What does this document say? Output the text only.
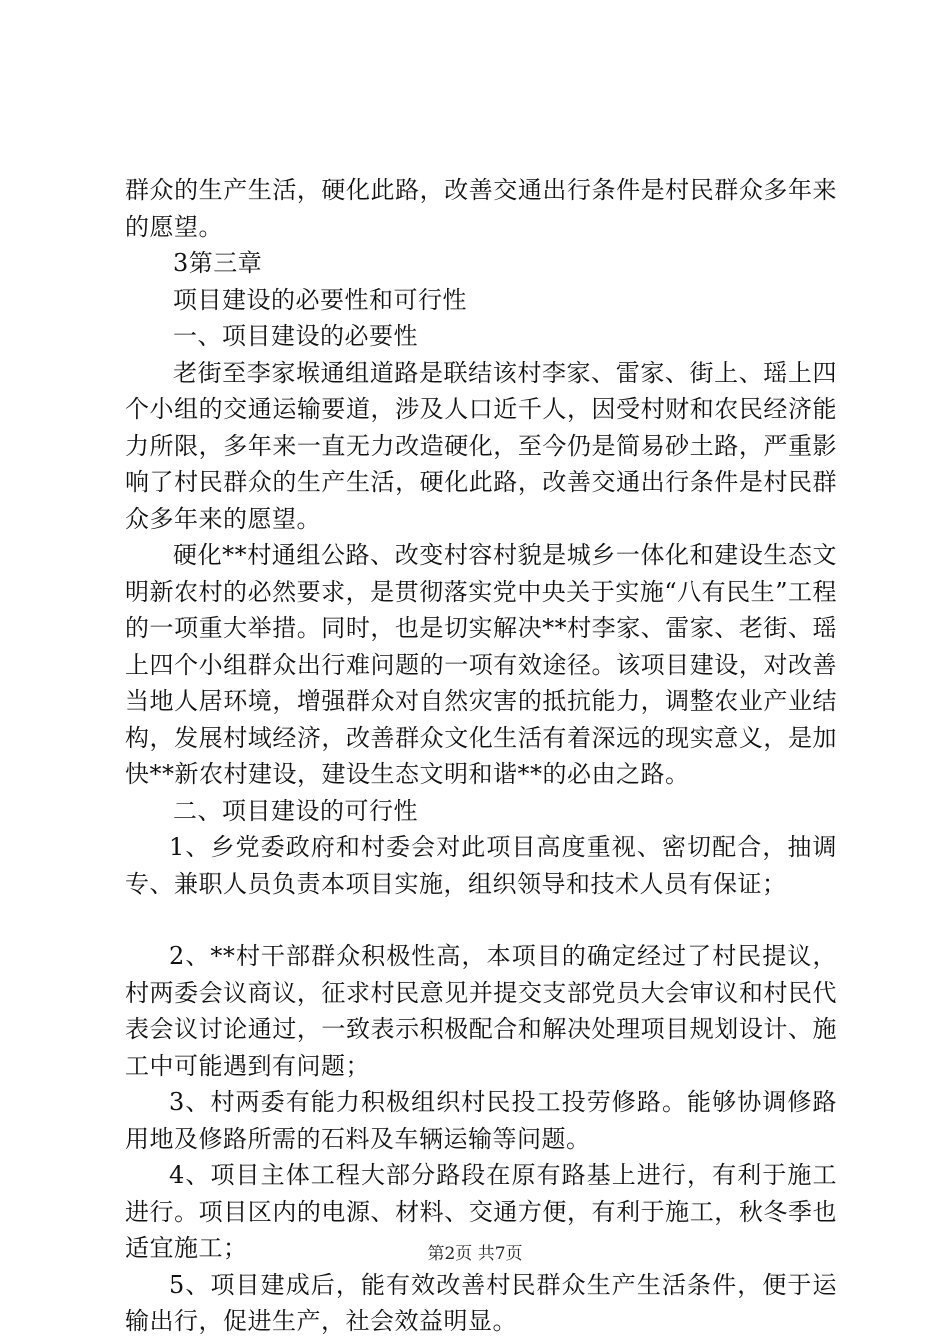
群众的生产生活，硬化此路，改善交通出行条件是村民群众多年来的愿望。

3第三章

项目建设的必要性和可行性

一、项目建设的必要性

老街至李家堠通组道路是联结该村李家、雷家、街上、瑶上四个小组的交通运输要道，涉及人口近千人，因受村财和农民经济能力所限，多年来一直无力改造硬化，至今仍是简易砂土路，严重影响了村民群众的生产生活，硬化此路，改善交通出行条件是村民群众多年来的愿望。

硬化**村通组公路、改变村容村貌是城乡一体化和建设生态文明新农村的必然要求，是贯彻落实党中央关于实施“八有民生”工程的一项重大举措。同时，也是切实解决**村李家、雷家、老街、瑶上四个小组群众出行难问题的一项有效途径。该项目建设，对改善当地人居环境，增强群众对自然灾害的抵抗能力，调整农业产业结构，发展村域经济，改善群众文化生活有着深远的现实意义，是加快**新农村建设，建设生态文明和谐**的必由之路。

二、项目建设的可行性

1、乡党委政府和村委会对此项目高度重视、密切配合，抽调专、兼职人员负责本项目实施，组织领导和技术人员有保证；

2、**村干部群众积极性高，本项目的确定经过了村民提议，村两委会议商议，征求村民意见并提交支部党员大会审议和村民代表会议讨论通过，一致表示积极配合和解决处理项目规划设计、施工中可能遇到有问题；

3、村两委有能力积极组织村民投工投劳修路。能够协调修路用地及修路所需的石料及车辆运输等问题。

4、项目主体工程大部分路段在原有路基上进行，有利于施工进行。项目区内的电源、材料、交通方便，有利于施工，秋冬季也适宜施工；

5、项目建成后，能有效改善村民群众生产生活条件，便于运输出行，促进生产，社会效益明显。

第2页 共7页
